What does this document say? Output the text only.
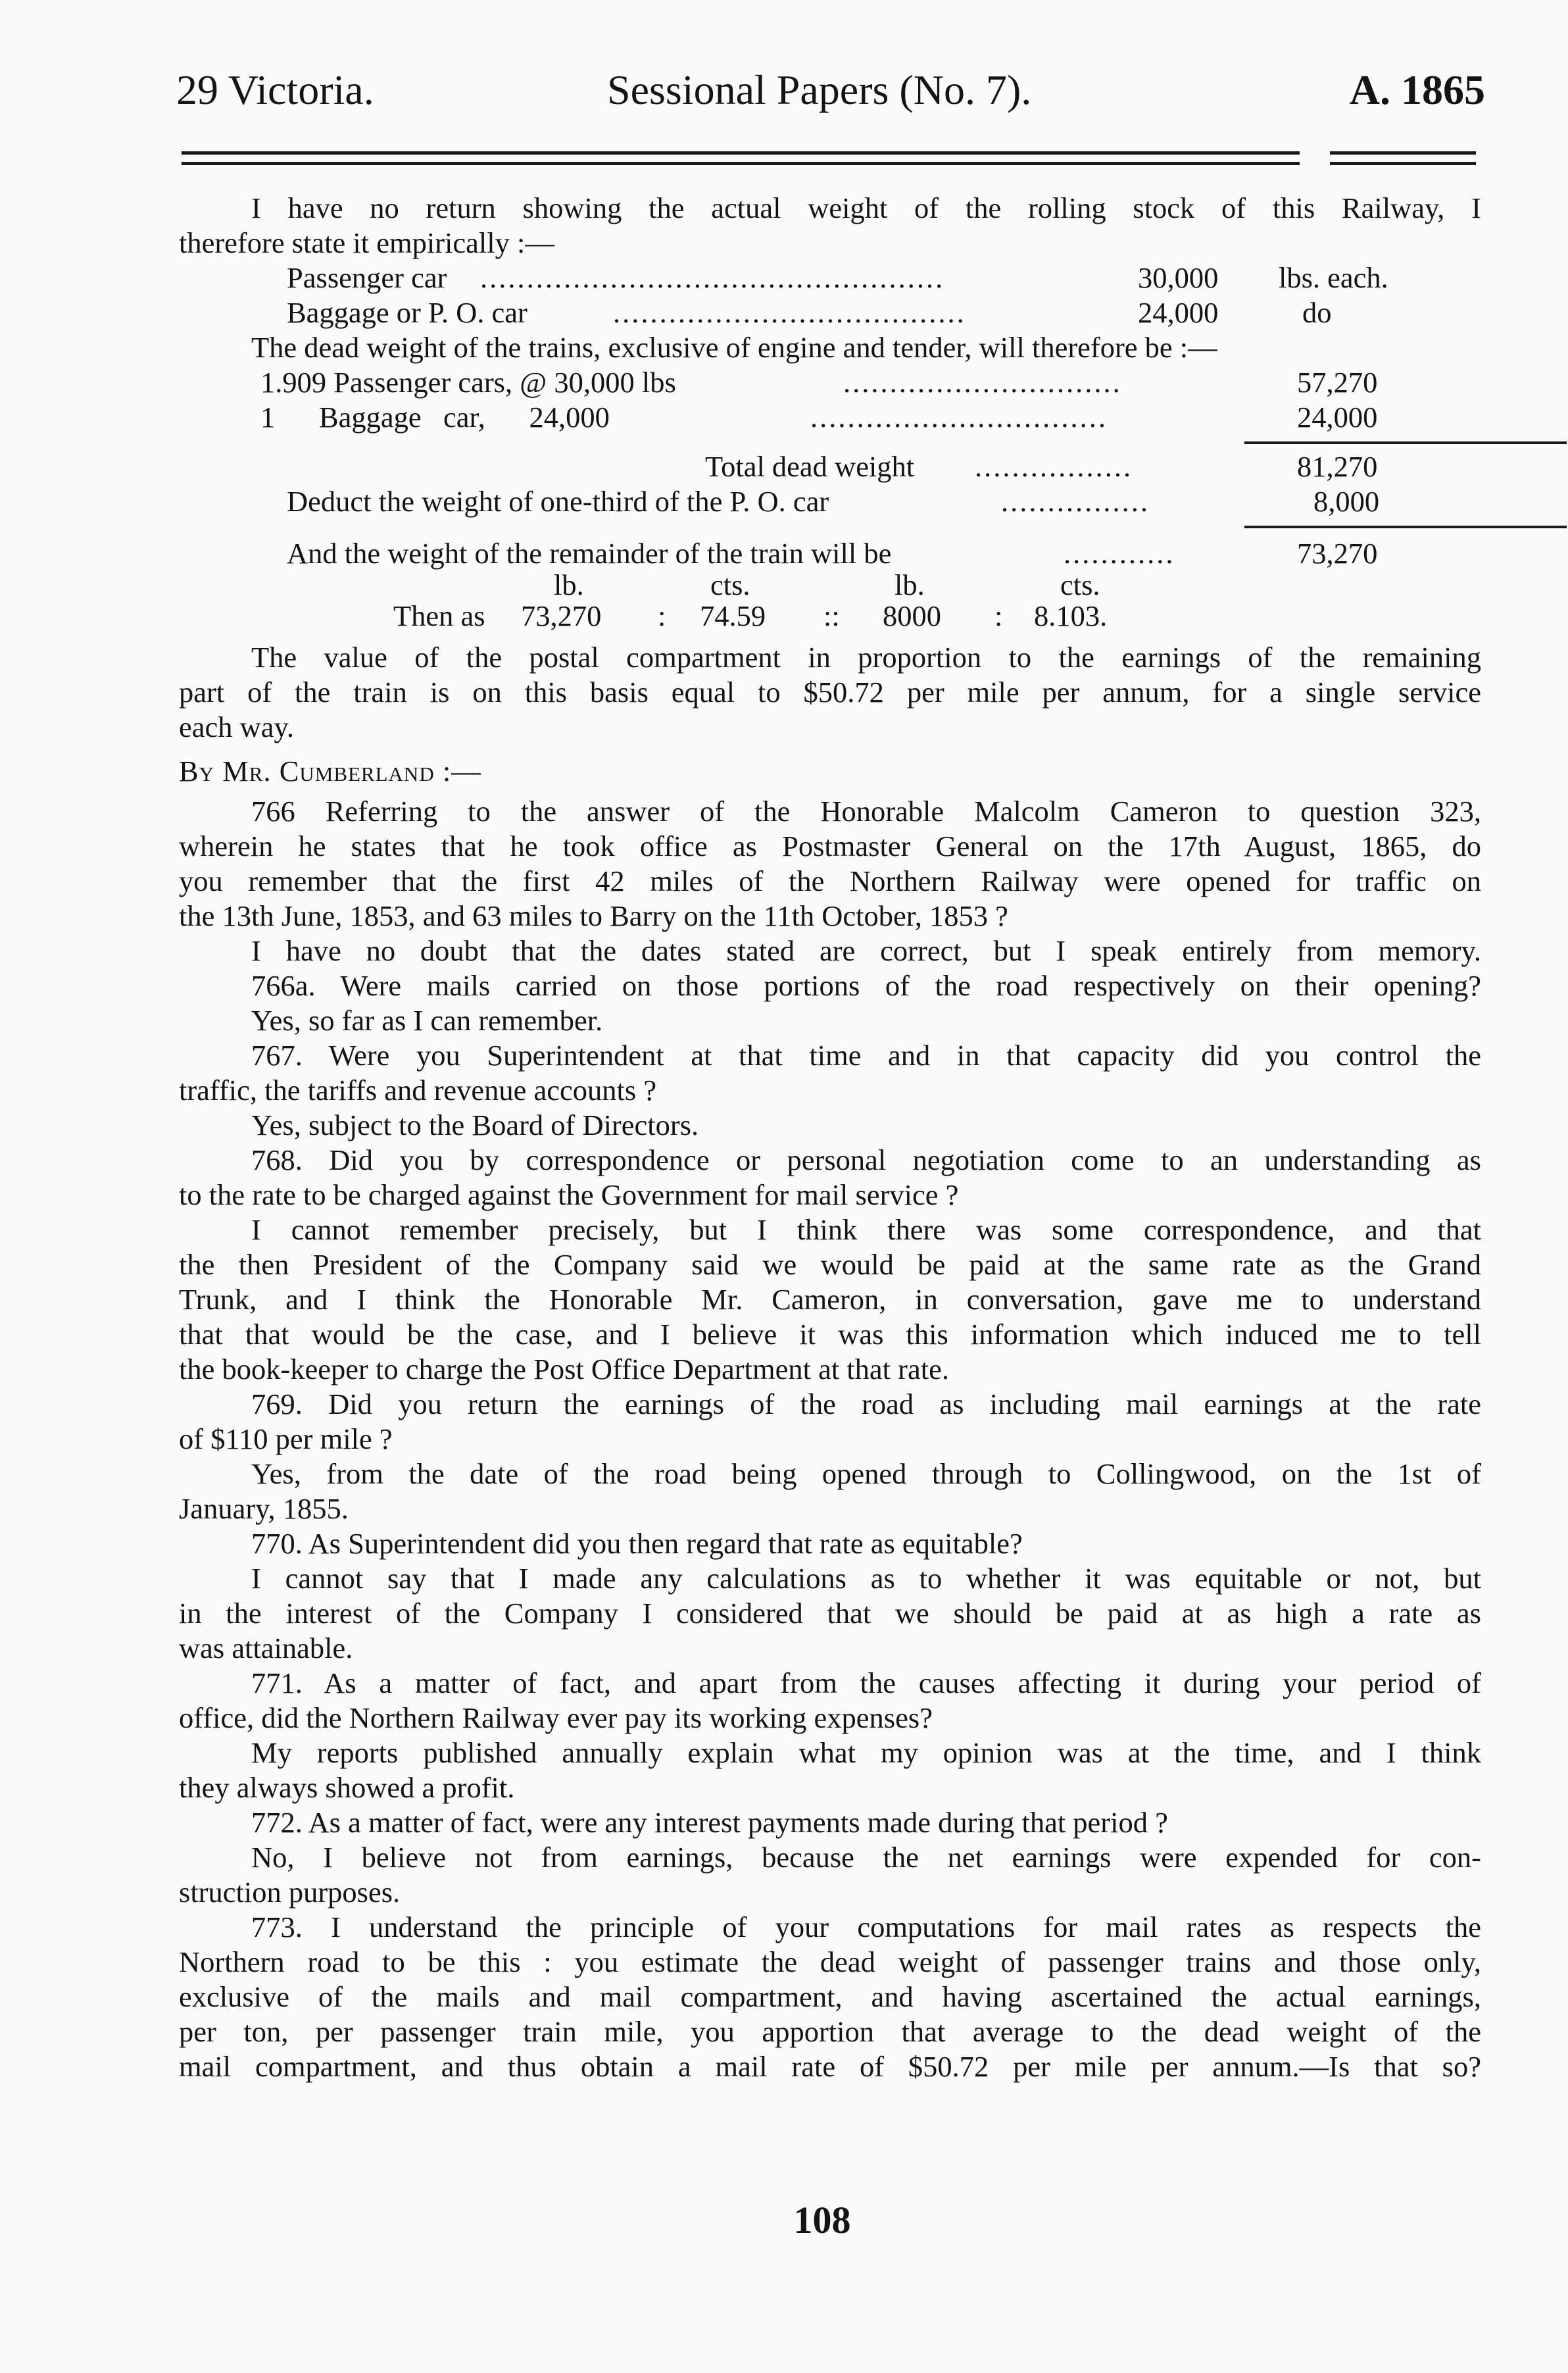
29 Victoria.	Sessional Papers (No. 7).	A. 1865
I have no return showing the actual weight of the rolling stock of this Railway, I
therefore state it empirically :—
Passenger car ..................................................	30,000 lbs. each.
Baggage or P. O. car	......................................	24,000	do
The dead weight of the trains, exclusive of engine and tender, will therefore be :—
1.909 Passenger cars, @ 30,000 lbs	..............................	57,270
1      Baggage   car,      24,000	................................	24,000
Total dead weight .................	81,270
Deduct the weight of one-third of the P. O. car	................	8,000
And the weight of the remainder of the train will be	............	73,270
lb.	cts.	lb.	cts.
Then as 73,270 : 74.59 :: 8000 : 8.103.
The value of the postal compartment in proportion to the earnings of the remaining
part of the train is on this basis equal to $50.72 per mile per annum, for a single service
each way.
By Mr. Cumberland :—
766 Referring to the answer of the Honorable Malcolm Cameron to question 323,
wherein he states that he took office as Postmaster General on the 17th August, 1865, do
you remember that the first 42 miles of the Northern Railway were opened for traffic on
the 13th June, 1853, and 63 miles to Barry on the 11th October, 1853 ?
I have no doubt that the dates stated are correct, but I speak entirely from memory.
766a. Were mails carried on those portions of the road respectively on their opening?
Yes, so far as I can remember.
767. Were you Superintendent at that time and in that capacity did you control the
traffic, the tariffs and revenue accounts ?
Yes, subject to the Board of Directors.
768. Did you by correspondence or personal negotiation come to an understanding as
to the rate to be charged against the Government for mail service ?
I cannot remember precisely, but I think there was some correspondence, and that
the then President of the Company said we would be paid at the same rate as the Grand
Trunk, and I think the Honorable Mr. Cameron, in conversation, gave me to understand
that that would be the case, and I believe it was this information which induced me to tell
the book-keeper to charge the Post Office Department at that rate.
769. Did you return the earnings of the road as including mail earnings at the rate
of $110 per mile ?
Yes, from the date of the road being opened through to Collingwood, on the 1st of
January, 1855.
770. As Superintendent did you then regard that rate as equitable?
I cannot say that I made any calculations as to whether it was equitable or not, but
in the interest of the Company I considered that we should be paid at as high a rate as
was attainable.
771. As a matter of fact, and apart from the causes affecting it during your period of
office, did the Northern Railway ever pay its working expenses?
My reports published annually explain what my opinion was at the time, and I think
they always showed a profit.
772. As a matter of fact, were any interest payments made during that period ?
No, I believe not from earnings, because the net earnings were expended for con-
struction purposes.
773. I understand the principle of your computations for mail rates as respects the
Northern road to be this : you estimate the dead weight of passenger trains and those only,
exclusive of the mails and mail compartment, and having ascertained the actual earnings,
per ton, per passenger train mile, you apportion that average to the dead weight of the
mail compartment, and thus obtain a mail rate of $50.72 per mile per annum.—Is that so?
108
